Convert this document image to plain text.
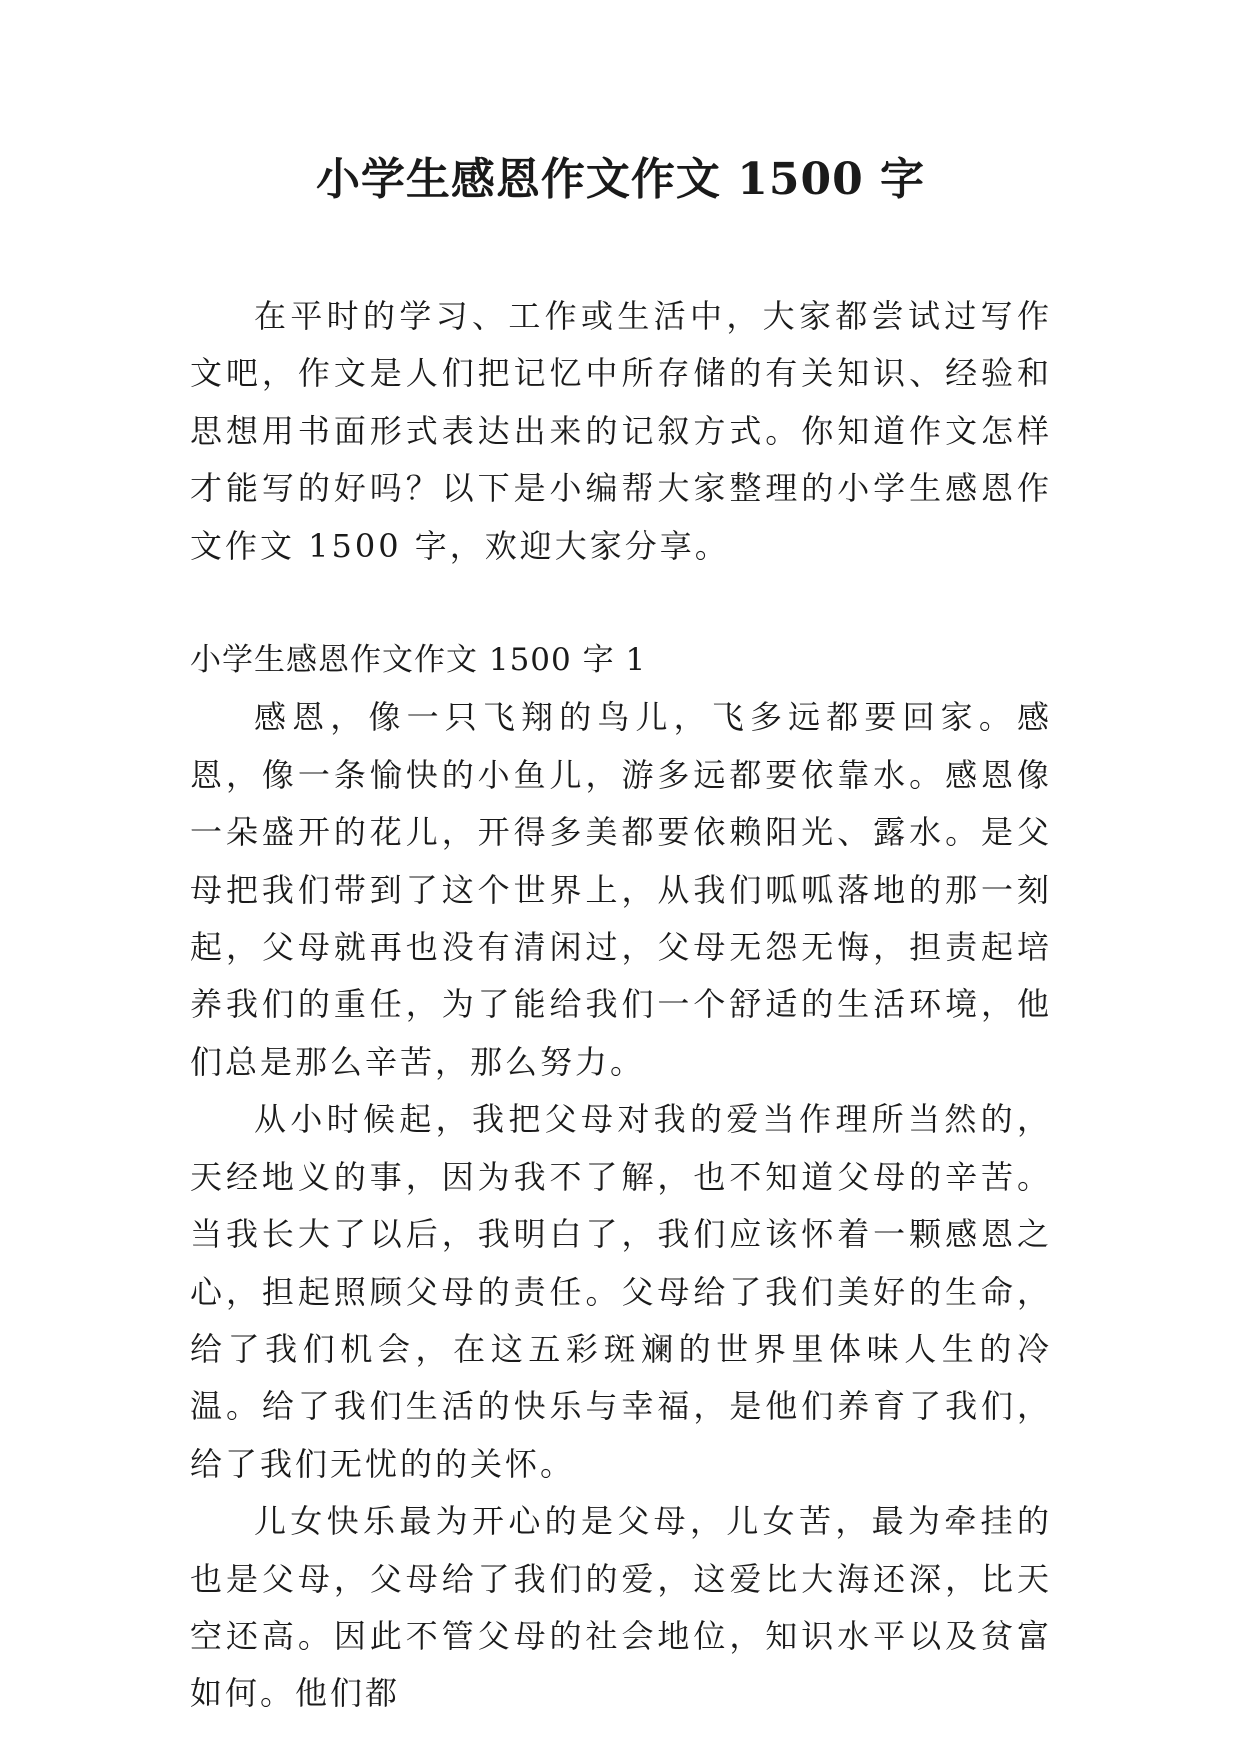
小学生感恩作文作文 1500 字

在平时的学习、工作或生活中，大家都尝试过写作文吧，作文是人们把记忆中所存储的有关知识、经验和思想用书面形式表达出来的记叙方式。你知道作文怎样才能写的好吗？以下是小编帮大家整理的小学生感恩作文作文 1500 字，欢迎大家分享。

小学生感恩作文作文 1500 字 1

感恩，像一只飞翔的鸟儿，飞多远都要回家。感恩，像一条愉快的小鱼儿，游多远都要依靠水。感恩像一朵盛开的花儿，开得多美都要依赖阳光、露水。是父母把我们带到了这个世界上，从我们呱呱落地的那一刻起，父母就再也没有清闲过，父母无怨无悔，担责起培养我们的重任，为了能给我们一个舒适的生活环境，他们总是那么辛苦，那么努力。

从小时候起，我把父母对我的爱当作理所当然的，天经地义的事，因为我不了解，也不知道父母的辛苦。当我长大了以后，我明白了，我们应该怀着一颗感恩之心，担起照顾父母的责任。父母给了我们美好的生命，给了我们机会，在这五彩斑斓的世界里体味人生的冷温。给了我们生活的快乐与幸福，是他们养育了我们，给了我们无忧的的关怀。

儿女快乐最为开心的是父母，儿女苦，最为牵挂的也是父母，父母给了我们的爱，这爱比大海还深，比天空还高。因此不管父母的社会地位，知识水平以及贫富如何。他们都
